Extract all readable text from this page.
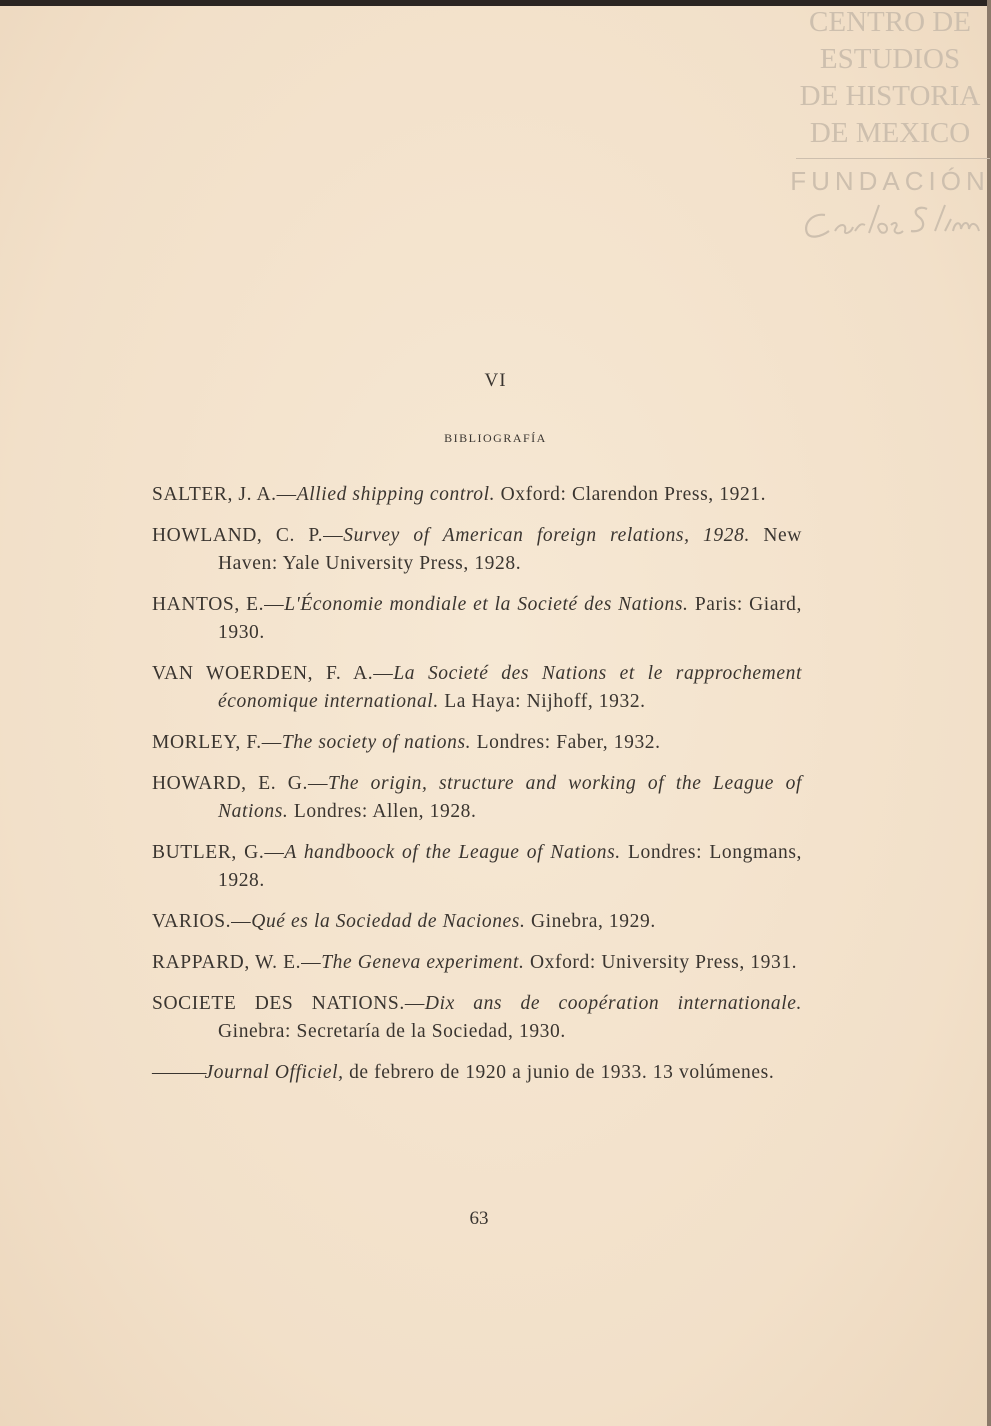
CENTRO DE
ESTUDIOS
DE HISTORIA
DE MEXICO
FUNDACIÓN
VI
BIBLIOGRAFÍA
SALTER, J. A.—Allied shipping control. Oxford: Clarendon Press, 1921.
HOWLAND, C. P.—Survey of American foreign relations, 1928. New Haven: Yale University Press, 1928.
HANTOS, E.—L'Économie mondiale et la Societé des Nations. Paris: Giard, 1930.
VAN WOERDEN, F. A.—La Societé des Nations et le rapprochement économique international. La Haya: Nijhoff, 1932.
MORLEY, F.—The society of nations. Londres: Faber, 1932.
HOWARD, E. G.—The origin, structure and working of the League of Nations. Londres: Allen, 1928.
BUTLER, G.—A handboock of the League of Nations. Londres: Longmans, 1928.
VARIOS.—Qué es la Sociedad de Naciones. Ginebra, 1929.
RAPPARD, W. E.—The Geneva experiment. Oxford: University Press, 1931.
SOCIETE DES NATIONS.—Dix ans de coopération internationale. Ginebra: Secretaría de la Sociedad, 1930.
———Journal Officiel, de febrero de 1920 a junio de 1933. 13 volúmenes.
63
